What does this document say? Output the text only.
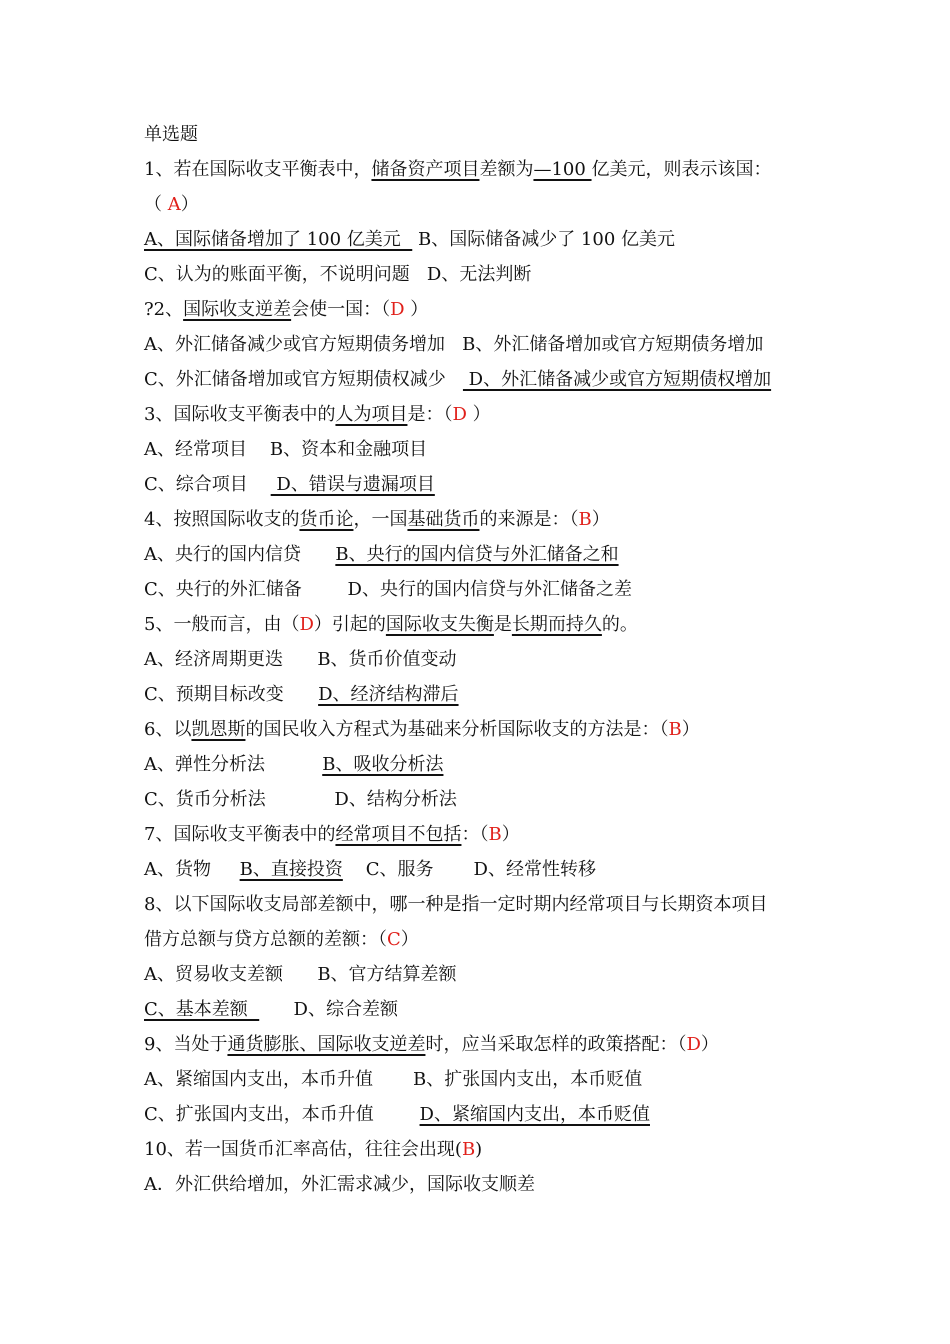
单选题
1、若在国际收支平衡表中，储备资产项目差额为—100 亿美元，则表示该国：
（ A）
A、国际储备增加了 100 亿美元   B、国际储备减少了 100 亿美元
C、认为的账面平衡，不说明问题   D、无法判断
?2、国际收支逆差会使一国：（D ）
A、外汇储备减少或官方短期债务增加   B、外汇储备增加或官方短期债务增加
C、外汇储备增加或官方短期债权减少    D、外汇储备减少或官方短期债权增加
3、国际收支平衡表中的人为项目是：（D ）
A、经常项目    B、资本和金融项目
C、综合项目     D、错误与遗漏项目
4、按照国际收支的货币论，一国基础货币的来源是：（B）
A、央行的国内信贷      B、央行的国内信贷与外汇储备之和
C、央行的外汇储备        D、央行的国内信贷与外汇储备之差
5、一般而言，由（D）引起的国际收支失衡是长期而持久的。
A、经济周期更迭      B、货币价值变动
C、预期目标改变      D、经济结构滞后
6、以凯恩斯的国民收入方程式为基础来分析国际收支的方法是：（B）
A、弹性分析法          B、吸收分析法
C、货币分析法            D、结构分析法
7、国际收支平衡表中的经常项目不包括：（B）
A、货物     B、直接投资    C、服务       D、经常性转移
8、以下国际收支局部差额中，哪一种是指一定时期内经常项目与长期资本项目
借方总额与贷方总额的差额：（C）
A、贸易收支差额      B、官方结算差额
C、基本差额        D、综合差额
9、当处于通货膨胀、国际收支逆差时，应当采取怎样的政策搭配：（D）
A、紧缩国内支出，本币升值       B、扩张国内支出，本币贬值
C、扩张国内支出，本币升值        D、紧缩国内支出，本币贬值
10、若一国货币汇率高估，往往会出现(B)
A．外汇供给增加，外汇需求减少，国际收支顺差
